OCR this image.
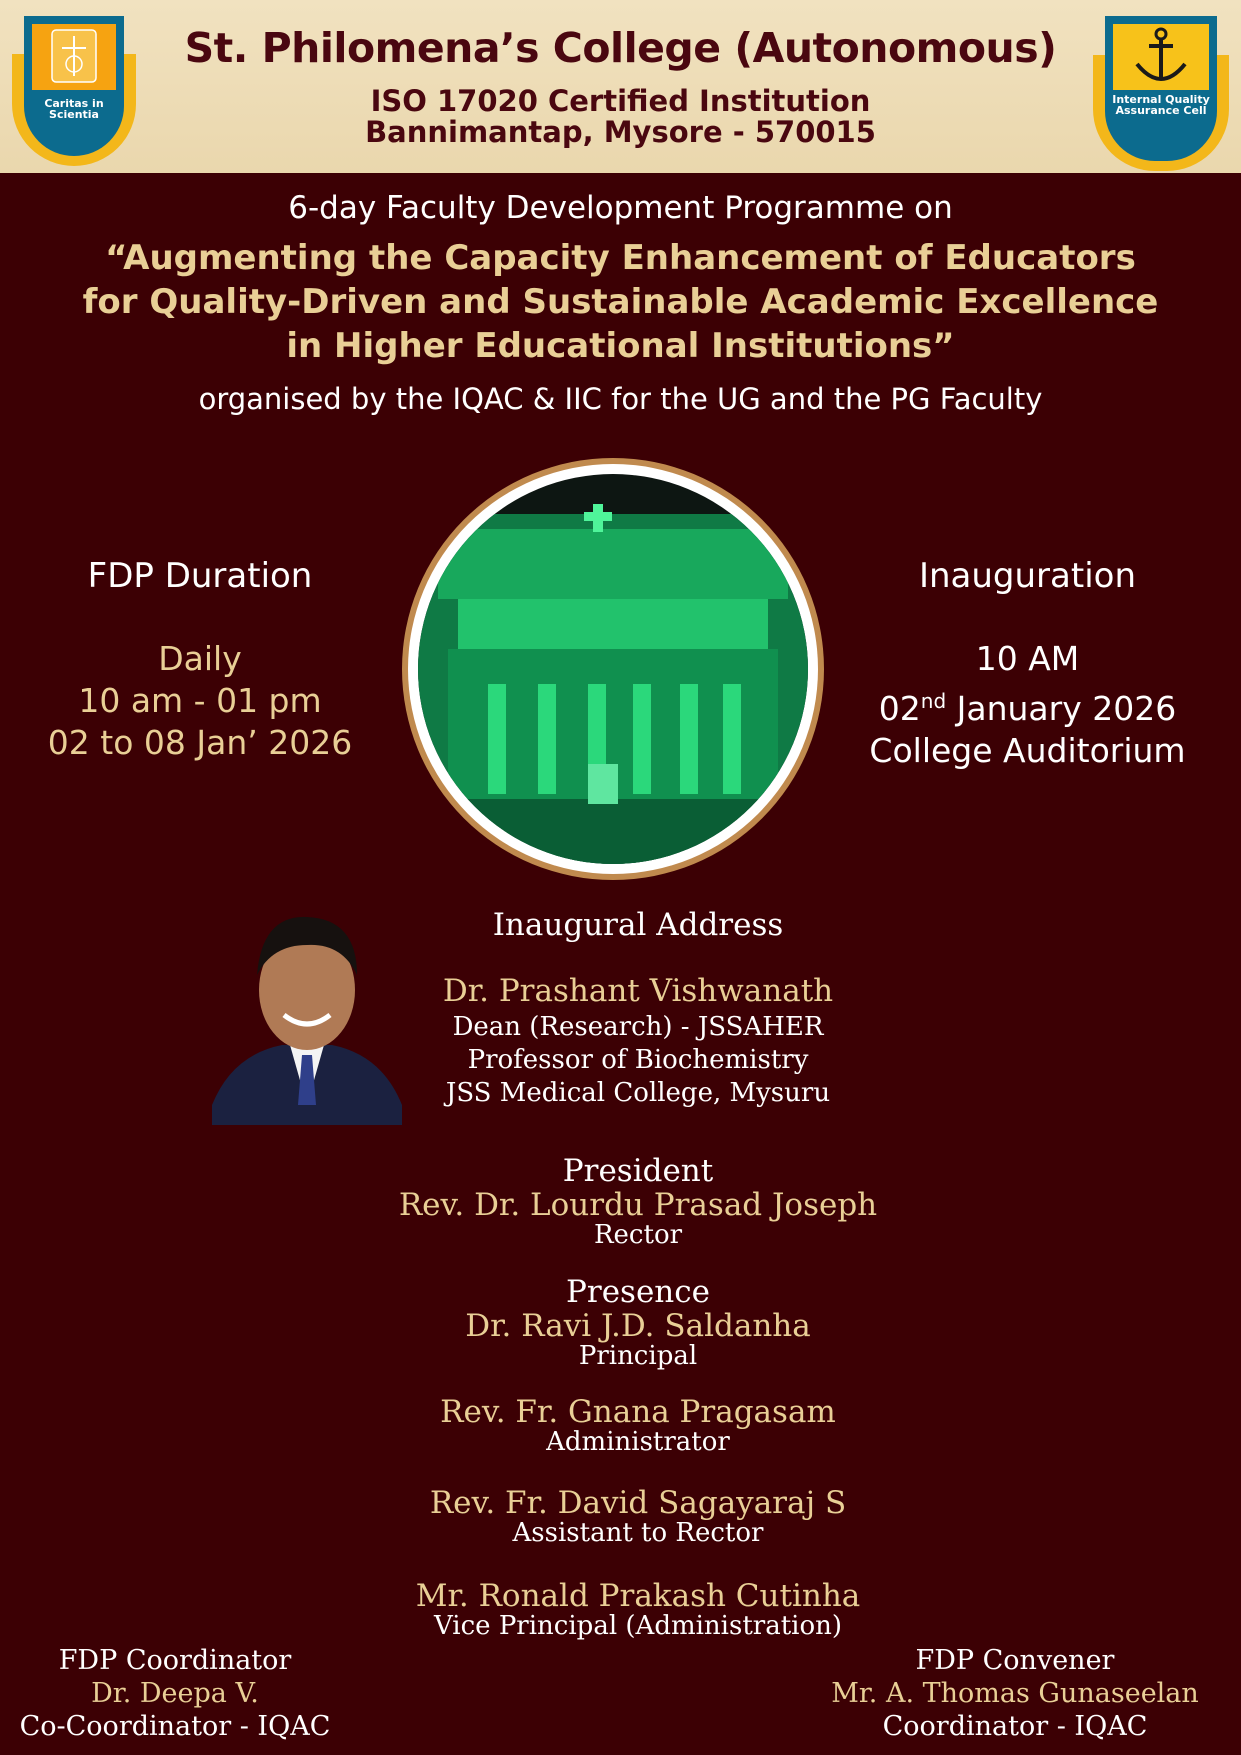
Caritas in Scientia
St. Philomena’s College (Autonomous)
ISO 17020 Certified Institution
Bannimantap, Mysore - 570015
Internal Quality Assurance Cell
6-day Faculty Development Programme on
“Augmenting the Capacity Enhancement of Educators
for Quality-Driven and Sustainable Academic Excellence
in Higher Educational Institutions”
organised by the IQAC & IIC for the UG and the PG Faculty
FDP Duration
Daily
10 am - 01 pm
02 to 08 Jan’ 2026
Inauguration
10 AM
02nd January 2026
College Auditorium
Inaugural Address
Dr. Prashant Vishwanath
Dean (Research) - JSSAHER
Professor of Biochemistry
JSS Medical College, Mysuru
President
Rev. Dr. Lourdu Prasad Joseph
Rector
Presence
Dr. Ravi J.D. Saldanha
Principal
Rev. Fr. Gnana Pragasam
Administrator
Rev. Fr. David Sagayaraj S
Assistant to Rector
Mr. Ronald Prakash Cutinha
Vice Principal (Administration)
FDP Coordinator
Dr. Deepa V.
Co-Coordinator - IQAC
FDP Convener
Mr. A. Thomas Gunaseelan
Coordinator - IQAC
